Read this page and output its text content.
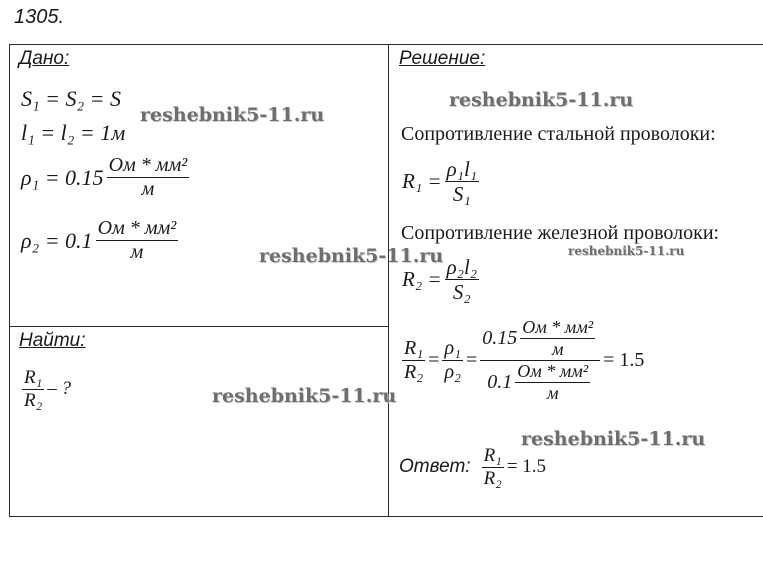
1305.
Дано:
S₁ = S₂ = S
l₁ = l₂ = 1м
$\rho_1 = 0.15 \frac{\text{Ом * мм²}}{м}$
$\rho_2 = 0.1 \frac{\text{Ом * мм²}}{м}$
Найти:
$\frac{\text{R₁}}{\text{R₂}}$ – ?
Решение:
Сопротивление стальной проволоки:
$R_1 = \frac{\text{ρ₁l₁}}{\text{S₁}}$
Сопротивление железной проволоки:
$R_2 = \frac{\text{ρ₂l₂}}{\text{S₂}}$
$\frac{\text{R₁}}{\text{R₂}} = \frac{\text{ρ₁}}{\text{ρ₂}} = \frac{0.15 \frac{\text{Ом * мм²}}{м}}{0.1 \frac{\text{Ом * мм²}}{м}} = 1.5$
Ответ: $\frac{\text{R₁}}{\text{R₂}} = 1.5$
reshebnik5-11.ru
reshebnik5-11.ru
reshebnik5-11.ru	reshebnik5-11.ru
reshebnik5-11.ru
reshebnik5-11.ru
